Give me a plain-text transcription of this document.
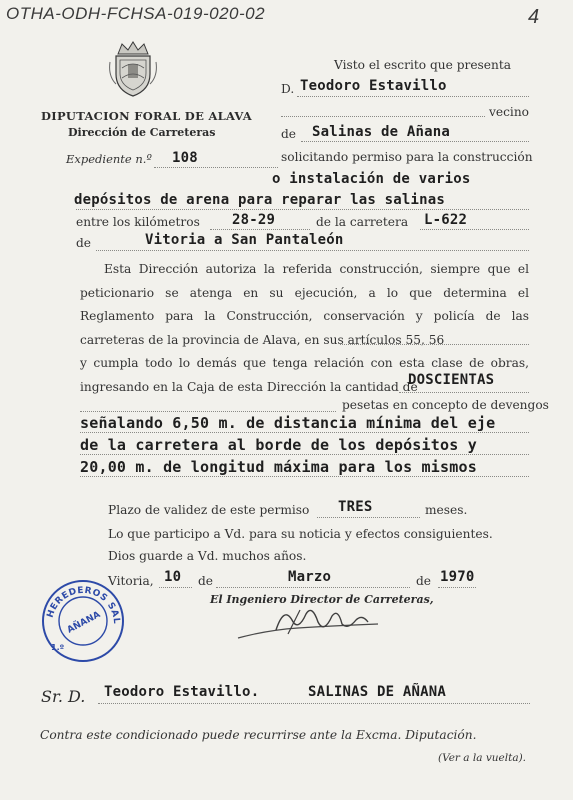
OTHA-ODH-FCHSA-019-020-02	4
DIPUTACION FORAL DE ALAVA
Dirección de Carreteras
Expediente n.º 108
Visto el escrito que presenta
D. Teodoro Estavillo
vecino
de Salinas de Añana
solicitando permiso para la construcción
o instalación de varios
depósitos de arena para reparar las salinas
entre los kilómetros 28-29	de la carretera L-622
de	Vitoria a San Pantaleón
Esta Dirección autoriza la referida construcción, siempre que el peticionario se atenga en su ejecución, a lo que determina el Reglamento para la Construcción, conservación y policía de las carreteras de la provincia de Alava, en sus artículos 55, 56
y cumpla todo lo demás que tenga relación con esta clase de obras, ingresando en la Caja de esta Dirección la cantidad de
DOSCIENTAS
pesetas en concepto de devengos
señalando 6,50 m. de distancia mínima del eje
de la carretera al borde de los depósitos y
20,00 m. de longitud máxima para los mismos
Plazo de validez de este permiso TRES	meses.
Lo que participo a Vd. para su noticia y efectos consiguientes.
Dios guarde a Vd. muchos años.
Vitoria, 10 de	Marzo	de 1970
El Ingeniero Director de Carreteras,
HEREDEROS SALINAS
AÑANA
1.º
Sr. D. Teodoro Estavillo.	SALINAS DE AÑANA
Contra este condicionado puede recurrirse ante la Excma. Diputación.
(Ver a la vuelta).
